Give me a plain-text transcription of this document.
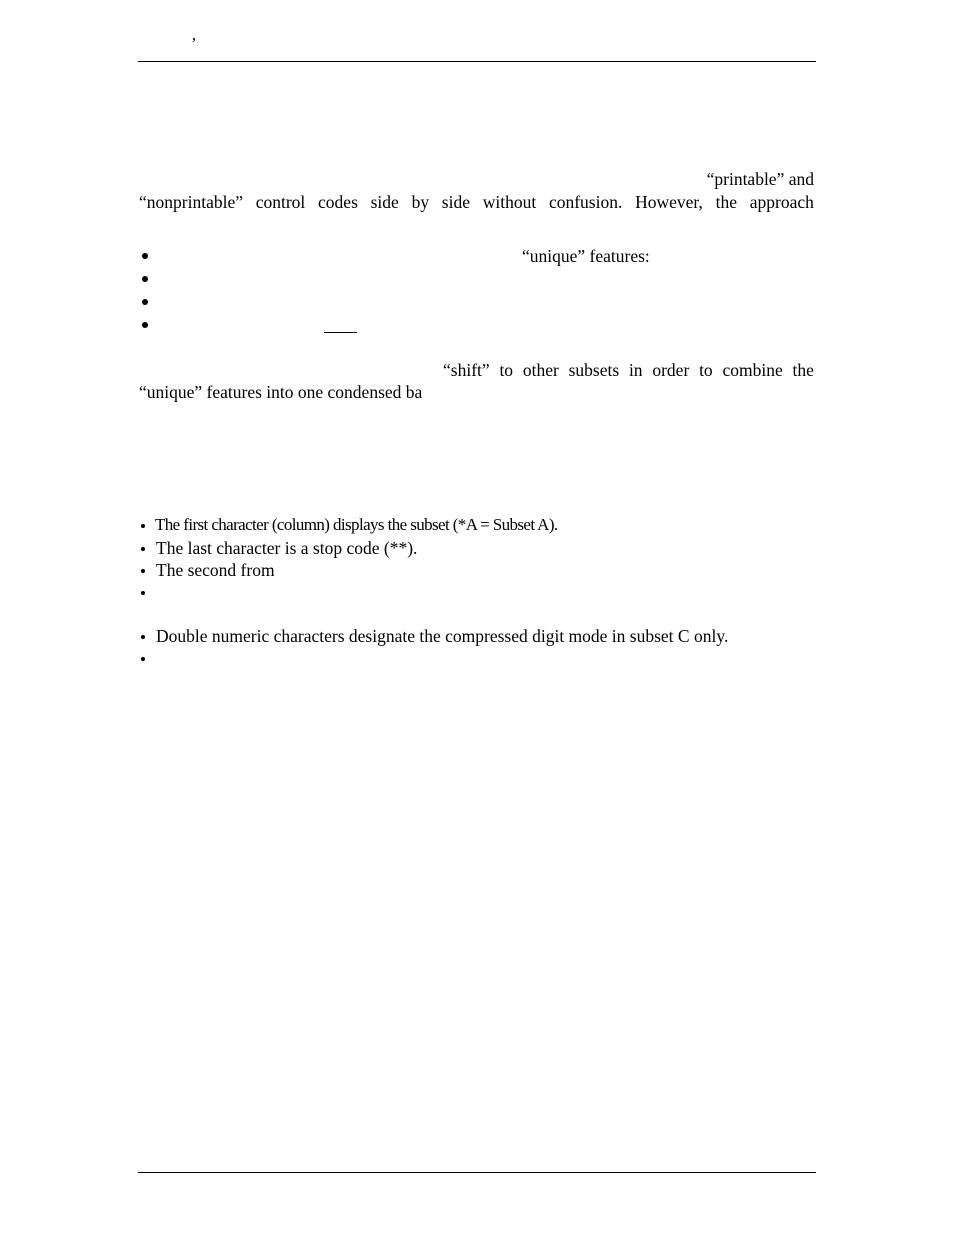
’
“printable” and
“nonprintable” control codes side by side without confusion. However, the approach
“unique” features:
“shift” to other subsets in order to combine the
“unique” features into one condensed ba
The first character (column) displays the subset (*A = Subset A).
The last character is a stop code (**).
The second from
Double numeric characters designate the compressed digit mode in subset C only.
